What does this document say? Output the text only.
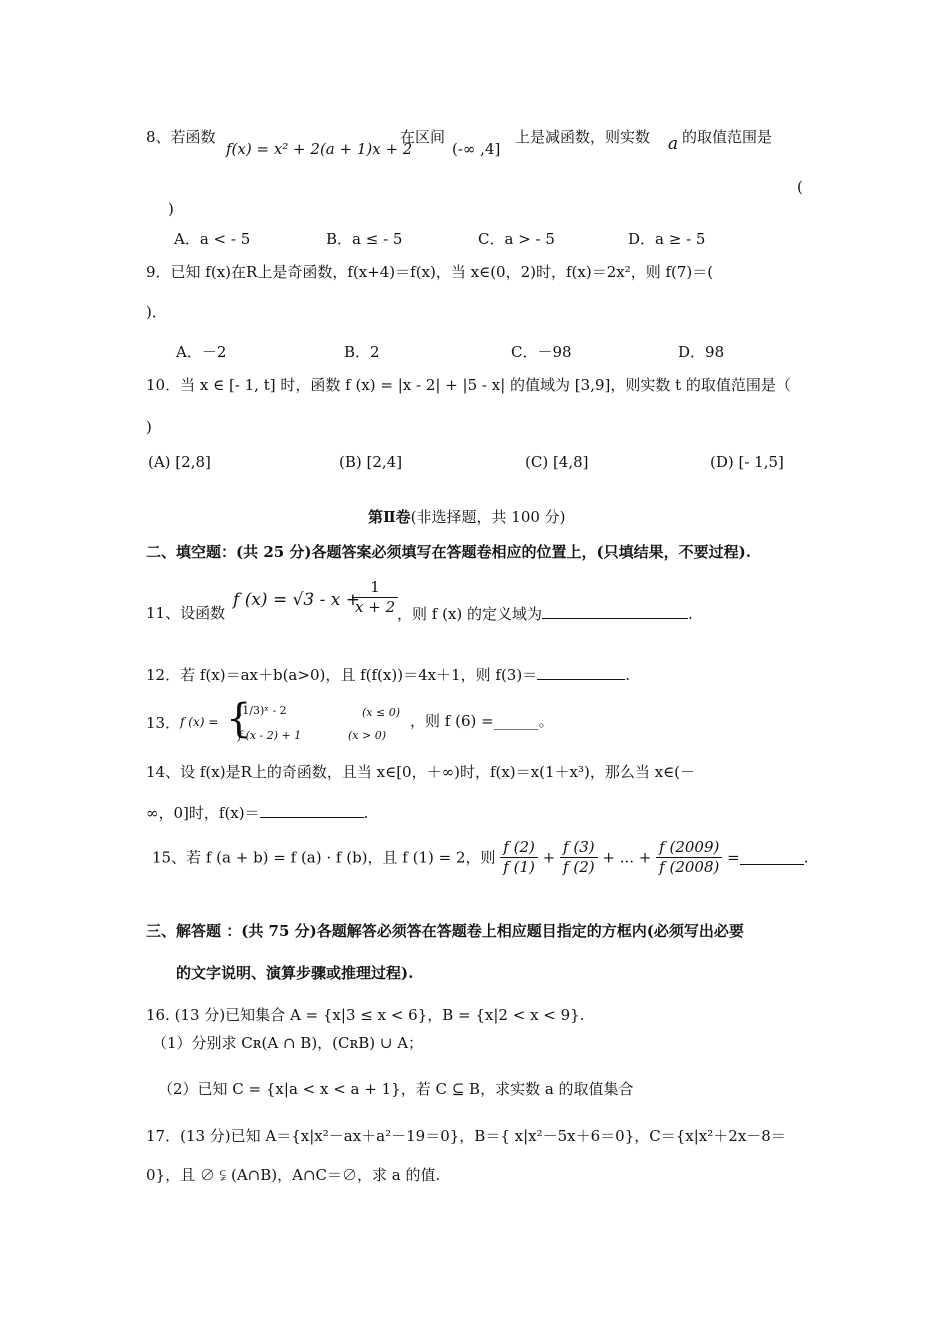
8、若函数
f(x) = x² + 2(a + 1)x + 2
在区间
(-∞ ,4]
上是减函数，则实数 a 的取值范围是
(
)
A．a < - 5	B．a ≤ - 5	C．a > - 5	D．a ≥ - 5
9．已知 f(x)在R上是奇函数，f(x+4)＝f(x)，当 x∈(0，2)时，f(x)＝2x²，则 f(7)＝(
)．
A．－2	B．2	C．－98	D．98
10．当 x ∈ [- 1, t] 时，函数 f (x) = |x - 2| + |5 - x| 的值域为 [3,9]，则实数 t 的取值范围是（
)
(A) [2,8]	(B) [2,4]	(C) [4,8]	(D) [- 1,5]
第Ⅱ卷(非选择题，共 100 分)
二、填空题：(共 25 分)各题答案必须填写在答题卷相应的位置上，(只填结果，不要过程).
11、设函数
f (x) = √3 - x +
$\frac{1}{x + 2}$
，则 f (x) 的定义域为	.
12．若 f(x)＝ax＋b(a>0)，且 f(f(x))＝4x＋1，则 f(3)＝	.
13． f (x) = {
(1/3)ˣ - 2	(x ≤ 0)
f (x - 2) + 1	(x > 0)
，则 f (6) =______。
14、设 f(x)是R上的奇函数，且当 x∈[0，＋∞)时，f(x)＝x(1＋x³)，那么当 x∈(－
∞，0]时，f(x)＝	.
15、若 f (a + b) = f (a) · f (b)，且 f (1) = 2，则 $\frac{f (2)}{f (1)} + \frac{f (3)}{f (2)}$ + ... + $\frac{f (2009)}{f (2008)}$ =	.
三、解答题 ：(共 75 分)各题解答必须答在答题卷上相应题目指定的方框内(必须写出必要
的文字说明、演算步骤或推理过程).
16. (13 分)已知集合 A = {x|3 ≤ x < 6}，B = {x|2 < x < 9}.
（1）分别求 Cʀ(A ∩ B)，(CʀB) ∪ A；
（2）已知 C = {x|a < x < a + 1}，若 C ⊆ B，求实数 a 的取值集合
17．(13 分)已知 A＝{x|x²－ax＋a²－19＝0}，B＝{ x|x²－5x＋6＝0}，C＝{x|x²＋2x－8＝
0}，且 ∅ ⫋ (A∩B)，A∩C＝∅，求 a 的值.
